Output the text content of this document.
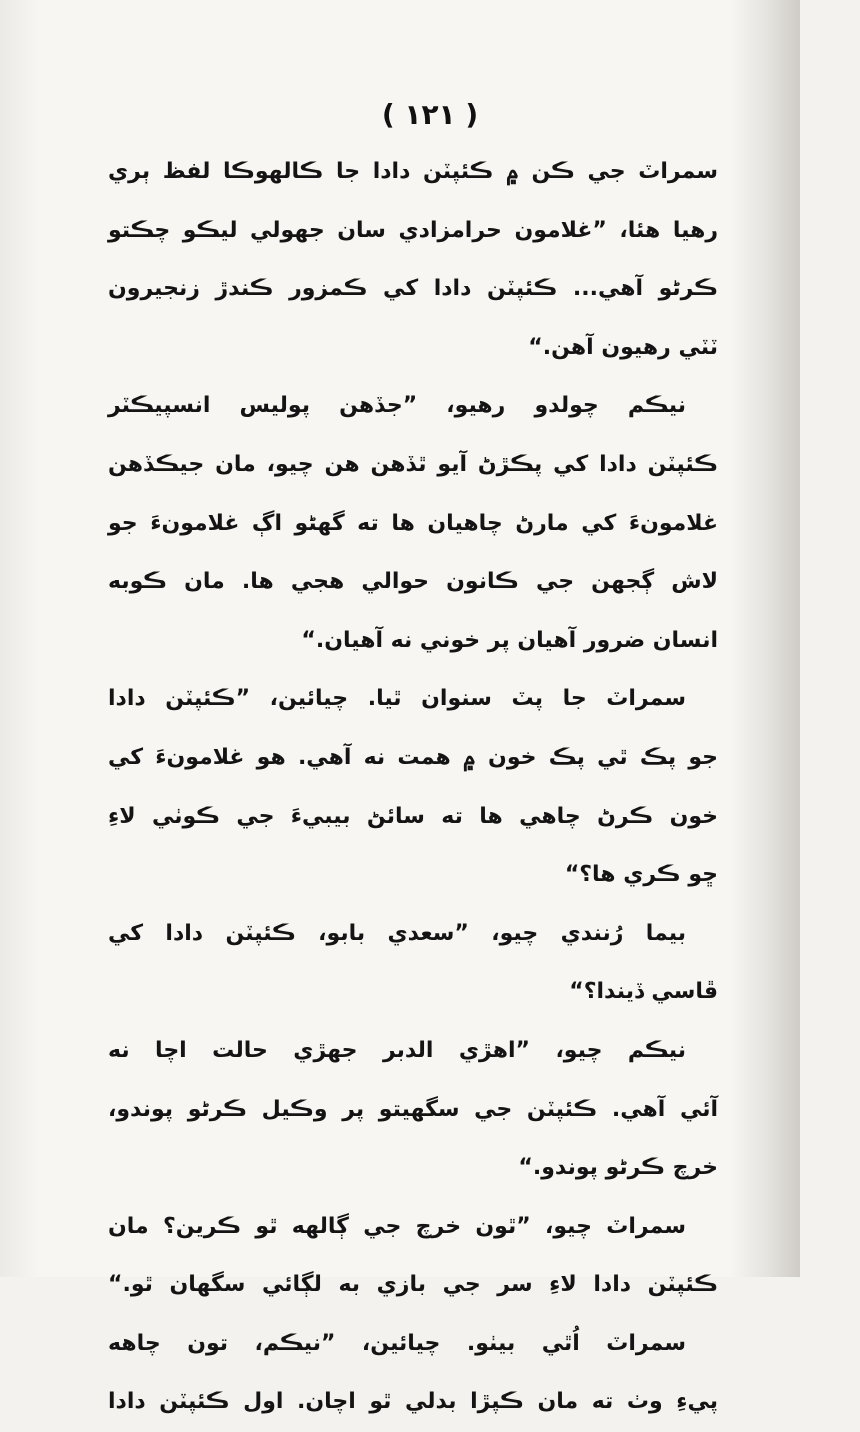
( ۱۲۱ )
سمراٽ جي ڪن ۾ ڪئپٽن دادا جا ڪالهوڪا لفظ ٻري
رهيا هئا، ”غلامون حرامزادي سان جهولي ليڪو چڪتو
ڪرڻو آهي... ڪئپٽن دادا کي ڪمزور ڪندڙ زنجيرون
ٽٽي رهيون آهن.“
نيڪم چولدو رهيو، ”جڏهن پوليس انسپيڪٽر
ڪئپٽن دادا کي پڪڙڻ آيو ٿڏهن هن چيو، مان جيڪڏهن
غلامونءَ کي مارڻ چاهيان ها ته گهڻو اڳ غلامونءَ جو
لاش ڳجهن جي ڪانون حوالي هجي ها. مان ڪوبه
انسان ضرور آهيان پر خوني نه آهيان.“
سمراٽ جا پٽ سنوان ٿيا. چيائين، ”ڪئپٽن دادا
جو پڪ ٿي پڪ خون ۾ همت نه آهي. هو غلامونءَ کي
خون ڪرڻ چاهي ها ته سائڻ بيبيءَ جي ڪوٺي لاءِ
ڇو ڪري ها؟“
بيما رُنندي چيو، ”سعدي بابو، ڪئپٽن دادا کي
ڦاسي ڏيندا؟“
نيڪم چيو، ”اهڙي الدبر جهڙي حالت اچا نه
آئي آهي. ڪئپٽن جي سگهيتو پر وڪيل ڪرڻو پوندو،
خرچ ڪرڻو پوندو.“
سمراٽ چيو، ”ٿون خرچ جي ڳالهه ٿو ڪرين؟ مان
ڪئپٽن دادا لاءِ سر جي بازي به لڳائي سگهان ٿو.“
سمراٽ اُٿي بيٺو. چيائين، ”نيڪم، تون چاهه
پيءِ وٺ ته مان ڪپڙا بدلي ٿو اچان. اول ڪئپٽن دادا
